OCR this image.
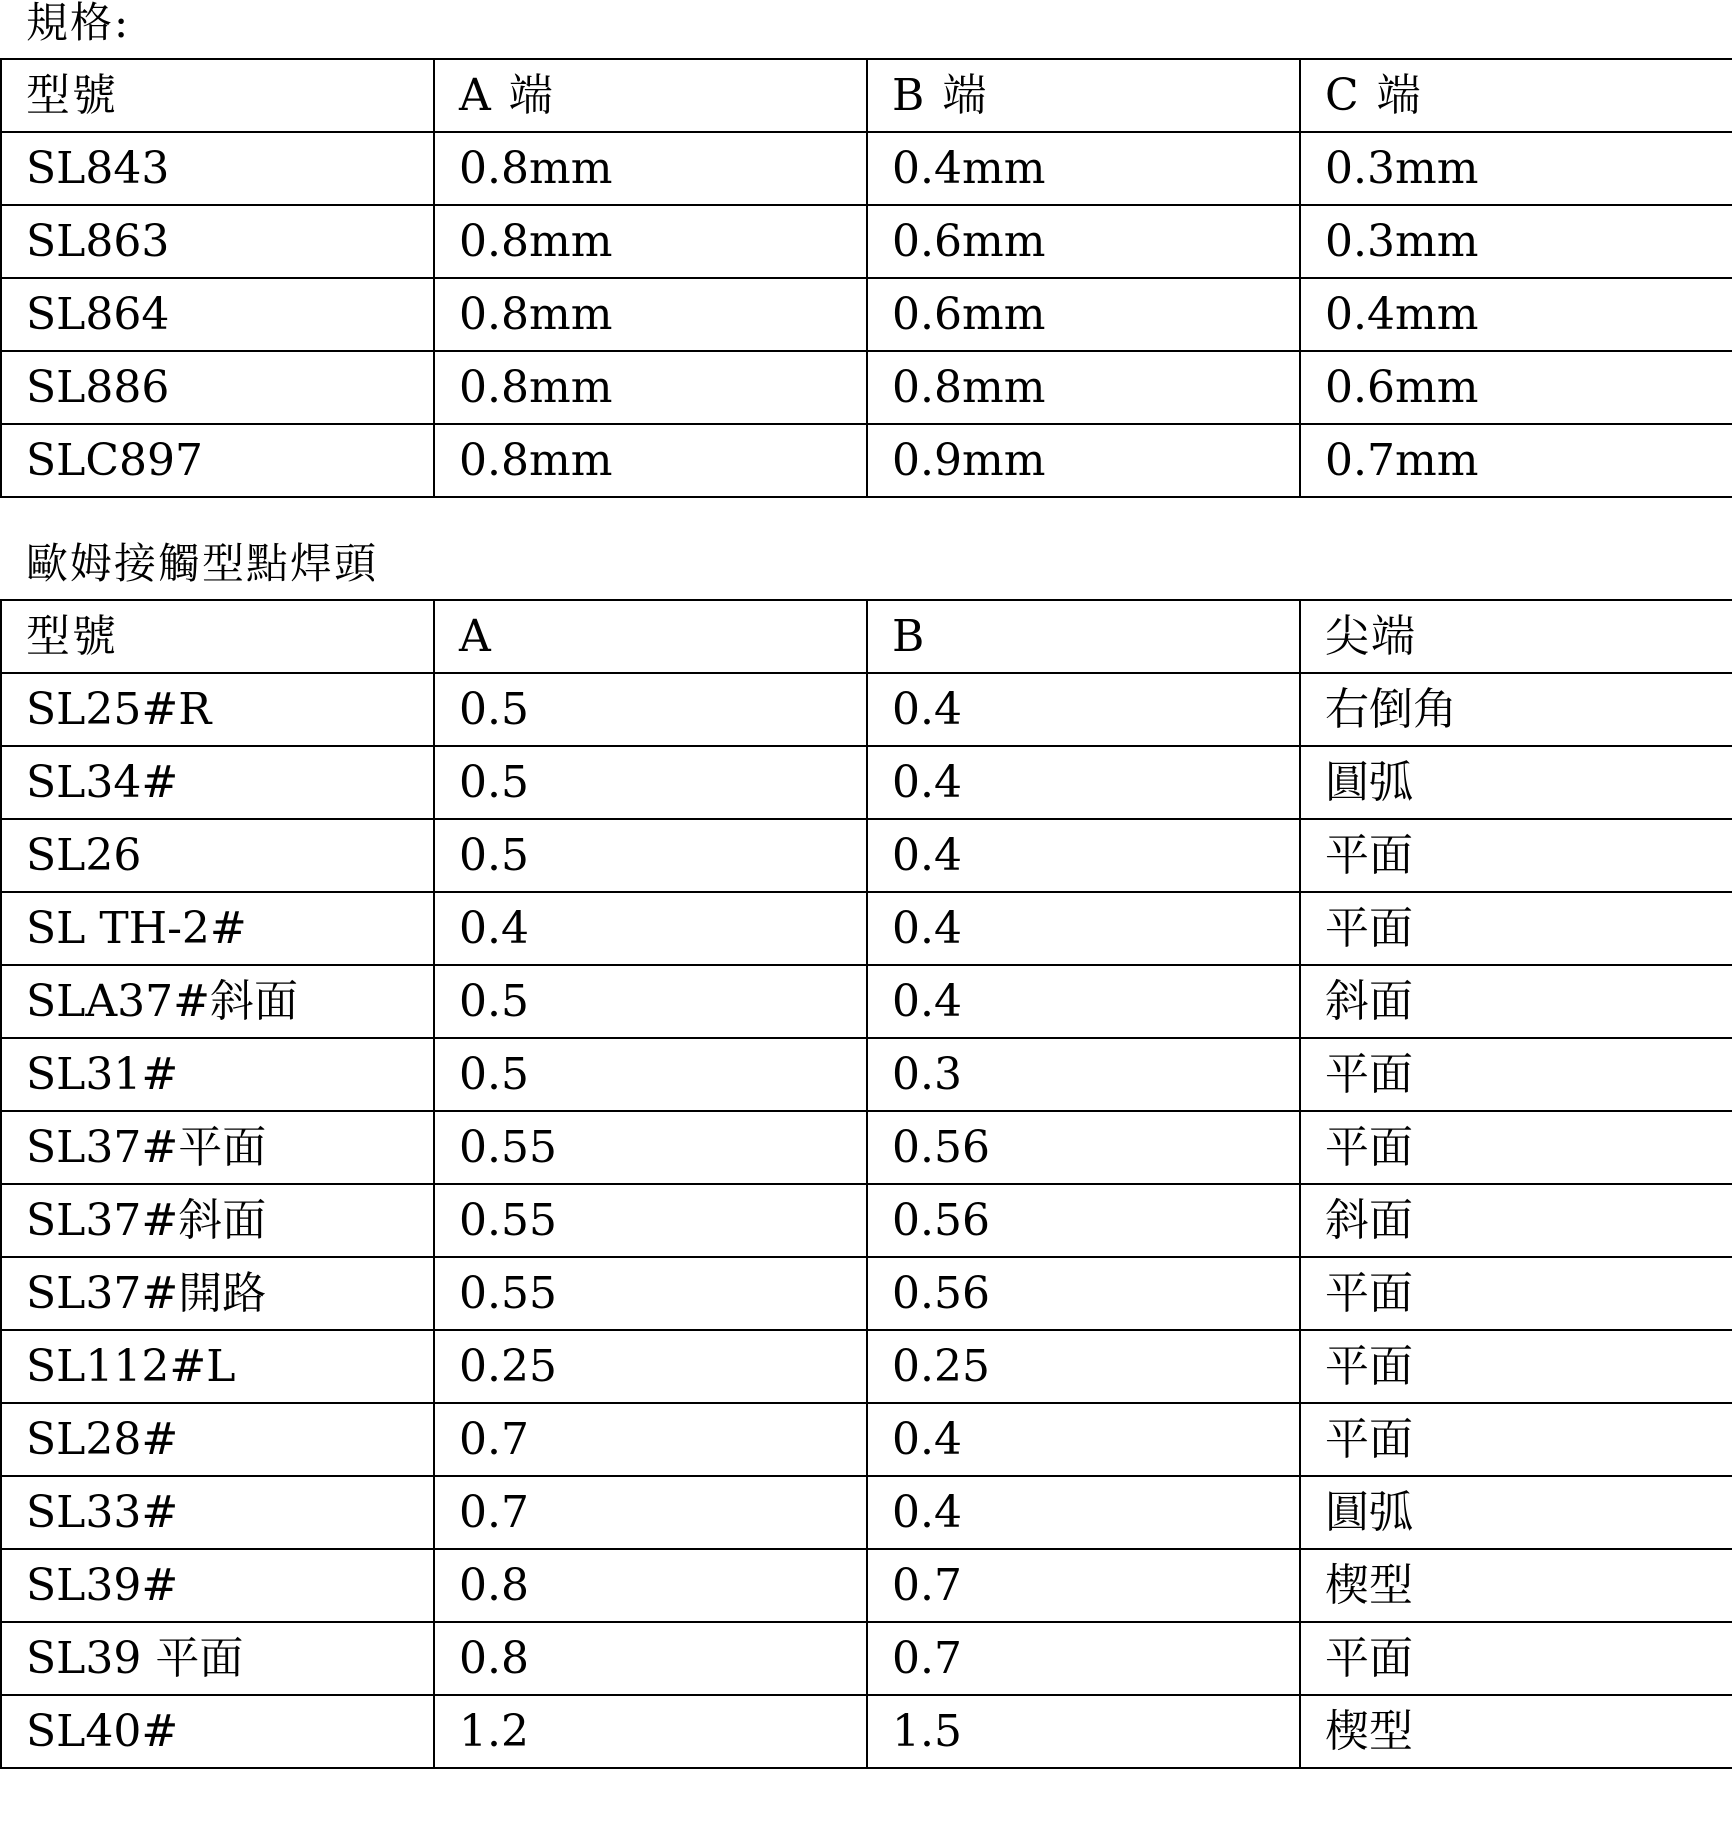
規格:
型號	A 端	B 端	C 端
SL843	0.8mm	0.4mm	0.3mm
SL863	0.8mm	0.6mm	0.3mm
SL864	0.8mm	0.6mm	0.4mm
SL886	0.8mm	0.8mm	0.6mm
SLC897	0.8mm	0.9mm	0.7mm
歐姆接觸型點焊頭
型號	A	B	尖端
SL25#R	0.5	0.4	右倒角
SL34#	0.5	0.4	圓弧
SL26	0.5	0.4	平面
SL TH-2#	0.4	0.4	平面
SLA37#斜面	0.5	0.4	斜面
SL31#	0.5	0.3	平面
SL37#平面	0.55	0.56	平面
SL37#斜面	0.55	0.56	斜面
SL37#開路	0.55	0.56	平面
SL112#L	0.25	0.25	平面
SL28#	0.7	0.4	平面
SL33#	0.7	0.4	圓弧
SL39#	0.8	0.7	楔型
SL39 平面	0.8	0.7	平面
SL40#	1.2	1.5	楔型
